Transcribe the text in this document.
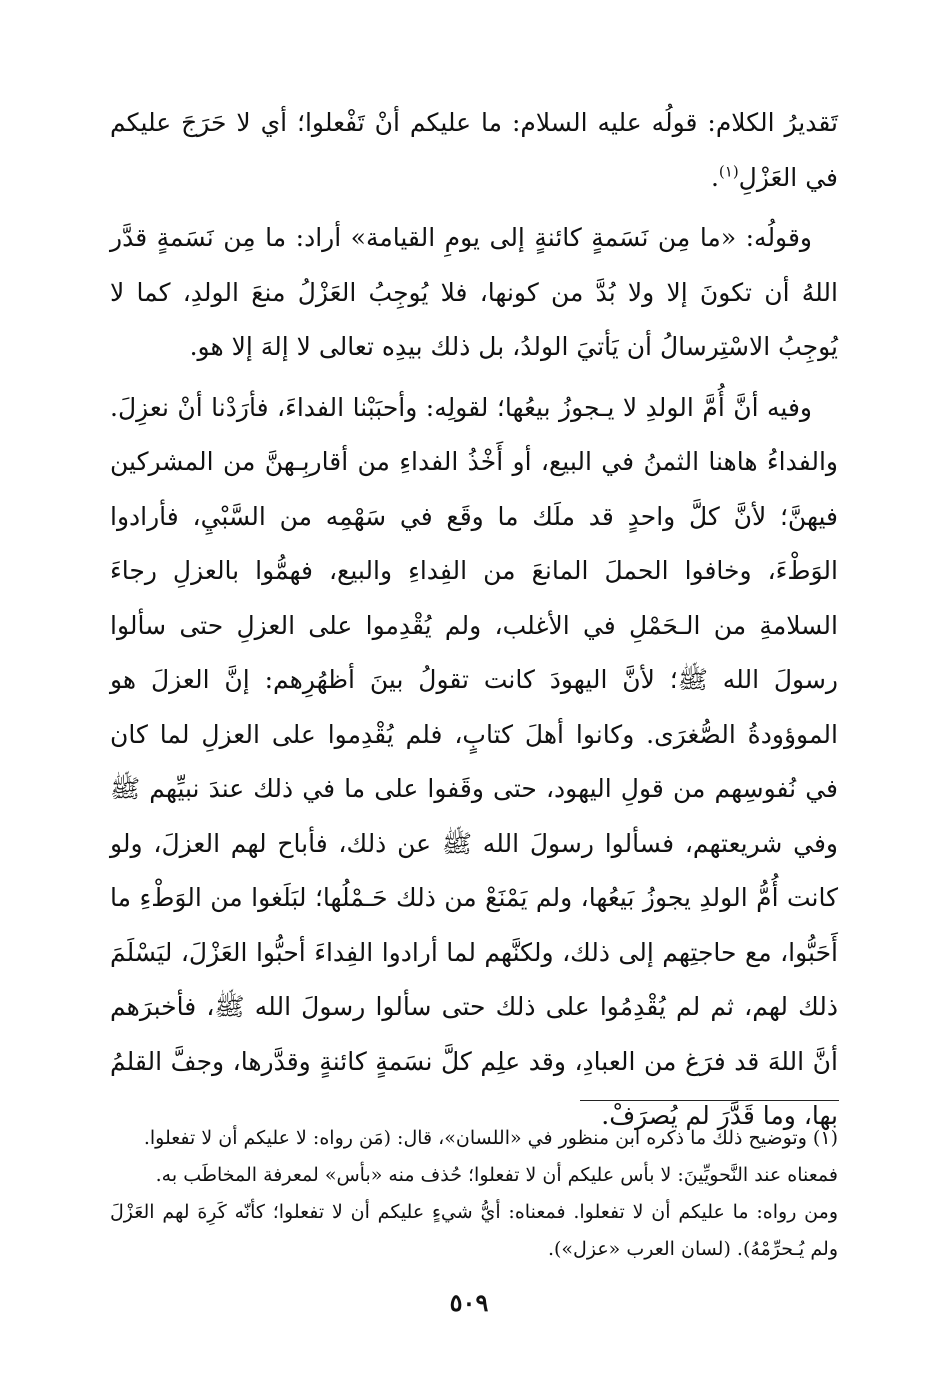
تَقديرُ الكلام: قولُه عليه السلام: ما عليكم أنْ تَفْعلوا؛ أي لا حَرَجَ عليكم في العَزْلِ$^{(١)}$.

وقولُه: «ما مِن نَسَمةٍ كائنةٍ إلى يومِ القيامة» أراد: ما مِن نَسَمةٍ قدَّر اللهُ أن تكونَ إلا ولا بُدَّ من كونها، فلا يُوجِبُ العَزْلُ منعَ الولدِ، كما لا يُوجِبُ الاسْتِرسالُ أن يَأتيَ الولدُ، بل ذلك بيدِه تعالى لا إلهَ إلا هو.

وفيه أنَّ أُمَّ الولدِ لا يـجوزُ بيعُها؛ لقولِه: وأحبَبْنا الفداءَ، فأرَدْنا أنْ نعزِلَ. والفداءُ هاهنا الثمنُ في البيع، أو أَخْذُ الفداءِ من أقاربِـهنَّ من المشركين فيهنَّ؛ لأنَّ كلَّ واحدٍ قد ملَك ما وقَع في سَهْمِه من السَّبْيِ، فأرادوا الوَطْءَ، وخافوا الحملَ المانعَ من الفِداءِ والبيع، فهمُّوا بالعزلِ رجاءَ السلامةِ من الـحَمْلِ في الأغلب، ولم يُقْدِموا على العزلِ حتى سألوا رسولَ الله ﷺ؛ لأنَّ اليهودَ كانت تقولُ بينَ أظهُرِهم: إنَّ العزلَ هو الموؤودةُ الصُّغرَى. وكانوا أهلَ كتابٍ، فلم يُقْدِموا على العزلِ لما كان في نُفوسِهم من قولِ اليهود، حتى وقَفوا على ما في ذلك عندَ نبيِّهم ﷺ وفي شريعتهم، فسألوا رسولَ الله ﷺ عن ذلك، فأباح لهم العزلَ، ولو كانت أُمُّ الولدِ يجوزُ بَيعُها، ولم يَمْنَعْ من ذلك حَـمْلُها؛ لبَلَغوا من الوَطْءِ ما أَحَبُّوا، مع حاجتِهم إلى ذلك، ولكنَّهم لما أرادوا الفِداءَ أحبُّوا العَزْلَ، ليَسْلَمَ ذلك لهم، ثم لم يُقْدِمُوا على ذلك حتى سألوا رسولَ الله ﷺ، فأخبرَهم أنَّ اللهَ قد فرَغ من العبادِ، وقد علِم كلَّ نسَمةٍ كائنةٍ وقدَّرها، وجفَّ القلمُ بها، وما قَدَّرَ لم يُصرَفْ.

(١) وتوضيح ذلك ما ذكره ابن منظور في «اللسان»، قال: (مَن رواه: لا عليكم أن لا تفعلوا.

فمعناه عند النَّحويِّينَ: لا بأس عليكم أن لا تفعلوا؛ حُذف منه «بأس» لمعرفة المخاطَب به.

ومن رواه: ما عليكم أن لا تفعلوا. فمعناه: أيُّ شيءٍ عليكم أن لا تفعلوا؛ كأنّه كَرِهَ لهم العَزْلَ ولم يُـحرِّمْهُ). (لسان العرب «عزل»).

٥٠٩
